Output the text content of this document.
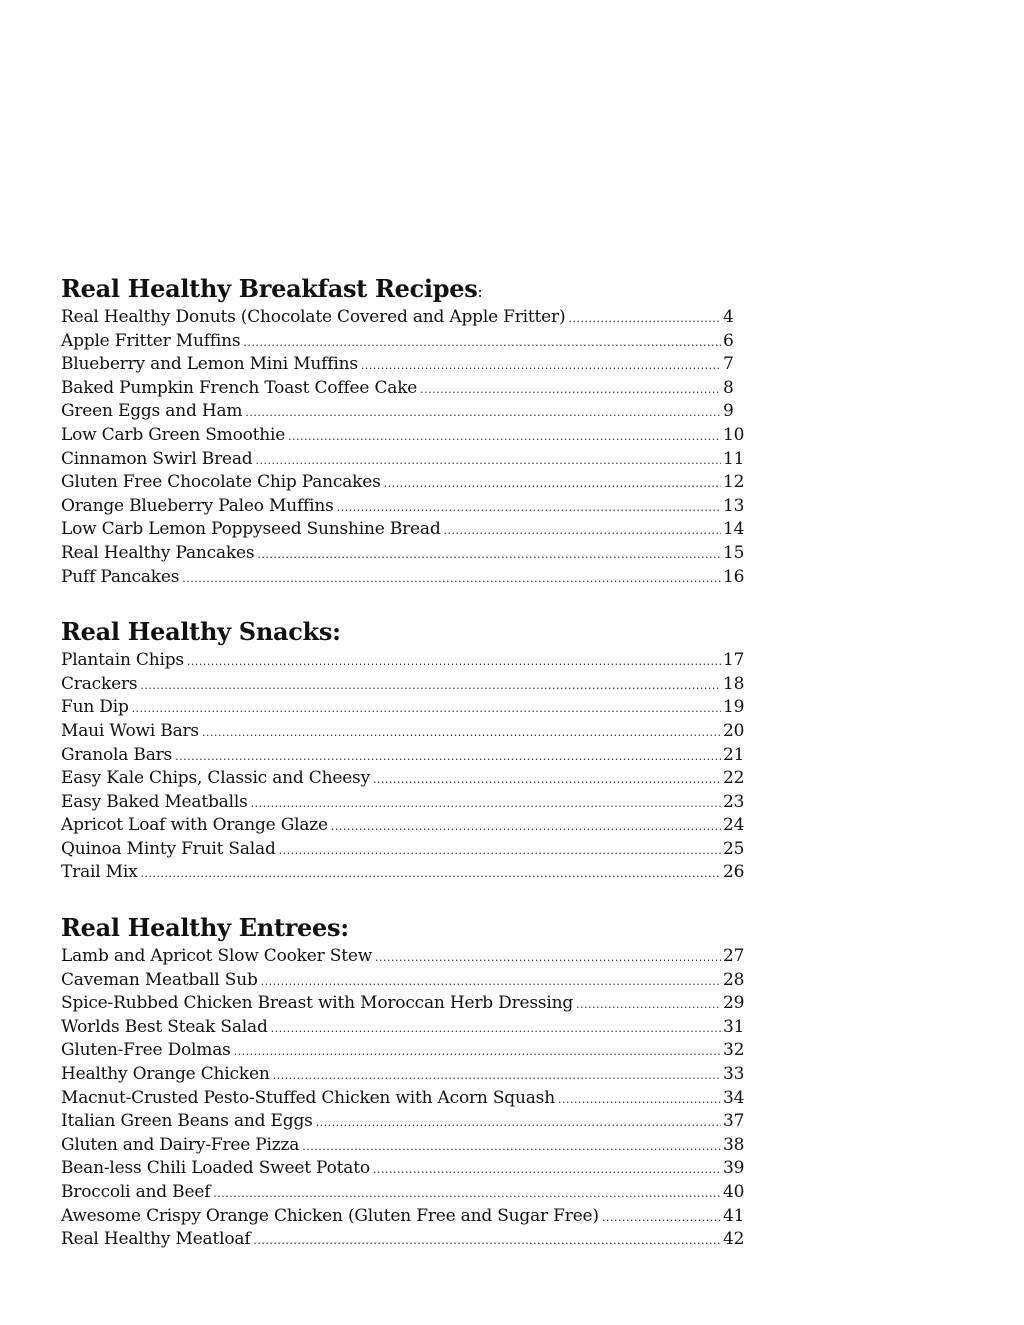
Real Healthy Breakfast Recipes:
Real Healthy Donuts (Chocolate Covered and Apple Fritter) .....	4
Apple Fritter Muffins .....	6
Blueberry and Lemon Mini Muffins .....	7
Baked Pumpkin French Toast Coffee Cake .....	8
Green Eggs and Ham .....	9
Low Carb Green Smoothie .....	10
Cinnamon Swirl Bread .....	11
Gluten Free Chocolate Chip Pancakes .....	12
Orange Blueberry Paleo Muffins .....	13
Low Carb Lemon Poppyseed Sunshine Bread .....	14
Real Healthy Pancakes .....	15
Puff Pancakes .....	16
Real Healthy Snacks:
Plantain Chips .....	17
Crackers .....	18
Fun Dip .....	19
Maui Wowi Bars .....	20
Granola Bars .....	21
Easy Kale Chips, Classic and Cheesy .....	22
Easy Baked Meatballs .....	23
Apricot Loaf with Orange Glaze .....	24
Quinoa Minty Fruit Salad .....	25
Trail Mix .....	26
Real Healthy Entrees:
Lamb and Apricot Slow Cooker Stew .....	27
Caveman Meatball Sub .....	28
Spice-Rubbed Chicken Breast with Moroccan Herb Dressing .....	29
Worlds Best Steak Salad .....	31
Gluten-Free Dolmas .....	32
Healthy Orange Chicken .....	33
Macnut-Crusted Pesto-Stuffed Chicken with Acorn Squash .....	34
Italian Green Beans and Eggs .....	37
Gluten and Dairy-Free Pizza .....	38
Bean-less Chili Loaded Sweet Potato .....	39
Broccoli and Beef .....	40
Awesome Crispy Orange Chicken (Gluten Free and Sugar Free) .....	41
Real Healthy Meatloaf .....	42
